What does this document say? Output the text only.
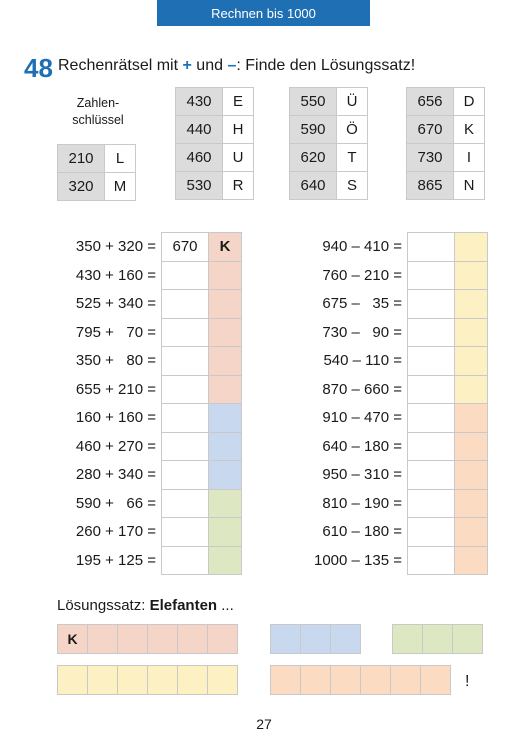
Rechnen bis 1000
48 Rechenrätsel mit + und –: Finde den Lösungssatz!
Zahlen-
schlüssel
210	L
320	M
430	E
440	H
460	U
530	R
550	Ü
590	Ö
620	T
640	S
656	D
670	K
730	I
865	N
350 + 320 =	670	K
430 + 160 =		
525 + 340 =		
795 +   70 =		
350 +   80 =		
655 + 210 =		
160 + 160 =		
460 + 270 =		
280 + 340 =		
590 +   66 =		
260 + 170 =		
195 + 125 =		
940 – 410 =		
760 – 210 =		
675 –   35 =		
730 –   90 =		
540 – 110 =		
870 – 660 =		
910 – 470 =		
640 – 180 =		
950 – 310 =		
810 – 190 =		
610 – 180 =		
1000 – 135 =		
Lösungssatz: Elefanten ...
K					

!
27
